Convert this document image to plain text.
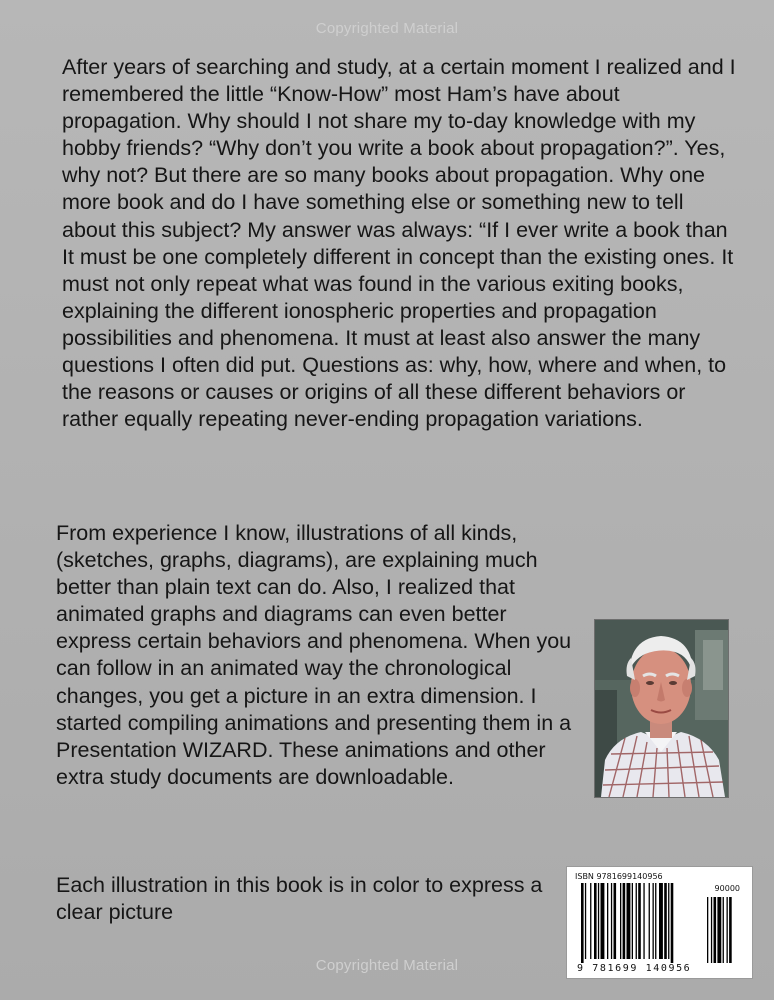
Copyrighted Material

After years of searching and study, at a certain moment I realized and I remembered the little “Know-How” most Ham’s have about propagation. Why should I not share my to-day knowledge with my hobby friends? “Why don’t you write a book about propagation?”. Yes, why not? But there are so many books about propagation. Why one more book and do I have something else or something new to tell about this subject? My answer was always: “If I ever write a book than It must be one completely different in concept than the existing ones. It must not only repeat what was found in the various exiting books, explaining the different ionospheric properties and propagation possibilities and phenomena. It must at least also answer the many questions I often did put. Questions as: why, how, where and when, to the reasons or causes or origins of all these different behaviors or rather equally repeating never-ending propagation variations.

From experience I know, illustrations of all kinds, (sketches, graphs, diagrams), are explaining much better than plain text can do. Also, I realized that animated graphs and diagrams can even better express certain behaviors and phenomena. When you can follow in an animated way the chronological changes, you get a picture in an extra dimension. I started compiling animations and presenting them in a Presentation WIZARD. These animations and other extra study documents are downloadable.

Each illustration in this book is in color to express a clear picture

ISBN 9781699140956
90000
9 781699 140956
Copyrighted Material
